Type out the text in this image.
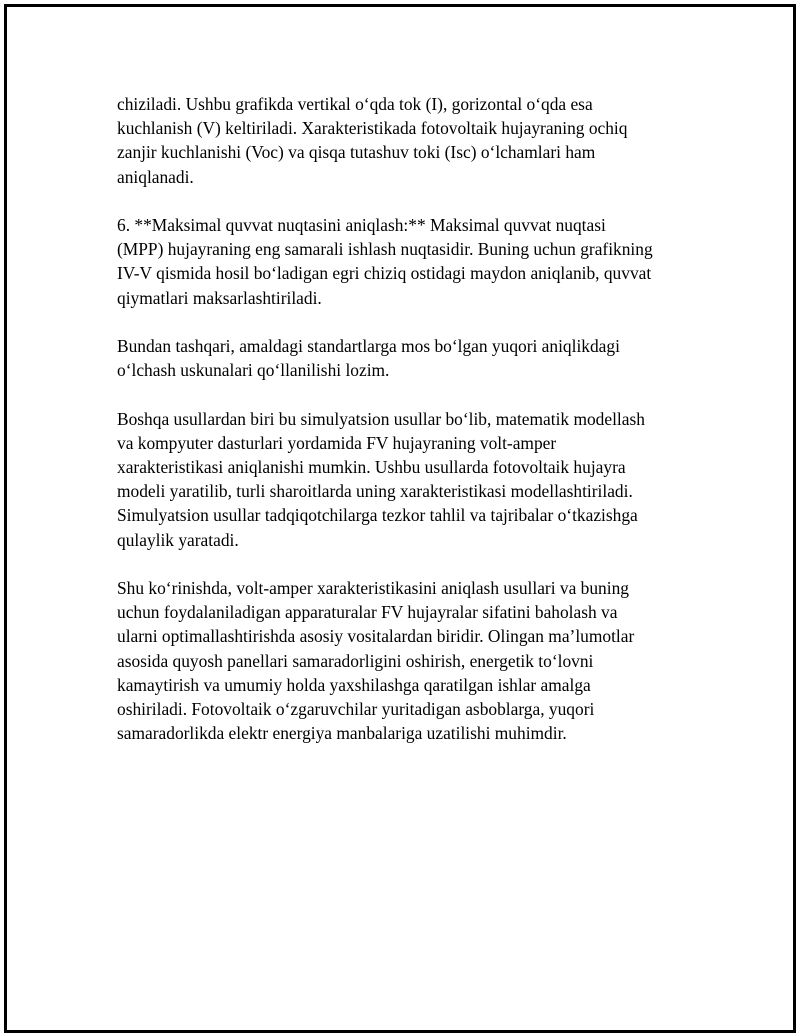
chiziladi. Ushbu grafikda vertikal o‘qda tok (I), gorizontal o‘qda esa
kuchlanish (V) keltiriladi. Xarakteristikada fotovoltaik hujayraning ochiq
zanjir kuchlanishi (Voc) va qisqa tutashuv toki (Isc) o‘lchamlari ham
aniqlanadi.

6. **Maksimal quvvat nuqtasini aniqlash:** Maksimal quvvat nuqtasi
(MPP) hujayraning eng samarali ishlash nuqtasidir. Buning uchun grafikning
IV-V qismida hosil bo‘ladigan egri chiziq ostidagi maydon aniqlanib, quvvat
qiymatlari maksarlashtiriladi.

Bundan tashqari, amaldagi standartlarga mos bo‘lgan yuqori aniqlikdagi
o‘lchash uskunalari qo‘llanilishi lozim.

Boshqa usullardan biri bu simulyatsion usullar bo‘lib, matematik modellash
va kompyuter dasturlari yordamida FV hujayraning volt-amper
xarakteristikasi aniqlanishi mumkin. Ushbu usullarda fotovoltaik hujayra
modeli yaratilib, turli sharoitlarda uning xarakteristikasi modellashtiriladi.
Simulyatsion usullar tadqiqotchilarga tezkor tahlil va tajribalar o‘tkazishga
qulaylik yaratadi.

Shu ko‘rinishda, volt-amper xarakteristikasini aniqlash usullari va buning
uchun foydalaniladigan apparaturalar FV hujayralar sifatini baholash va
ularni optimallashtirishda asosiy vositalardan biridir. Olingan ma’lumotlar
asosida quyosh panellari samaradorligini oshirish, energetik to‘lovni
kamaytirish va umumiy holda yaxshilashga qaratilgan ishlar amalga
oshiriladi. Fotovoltaik o‘zgaruvchilar yuritadigan asboblarga, yuqori
samaradorlikda elektr energiya manbalariga uzatilishi muhimdir.
